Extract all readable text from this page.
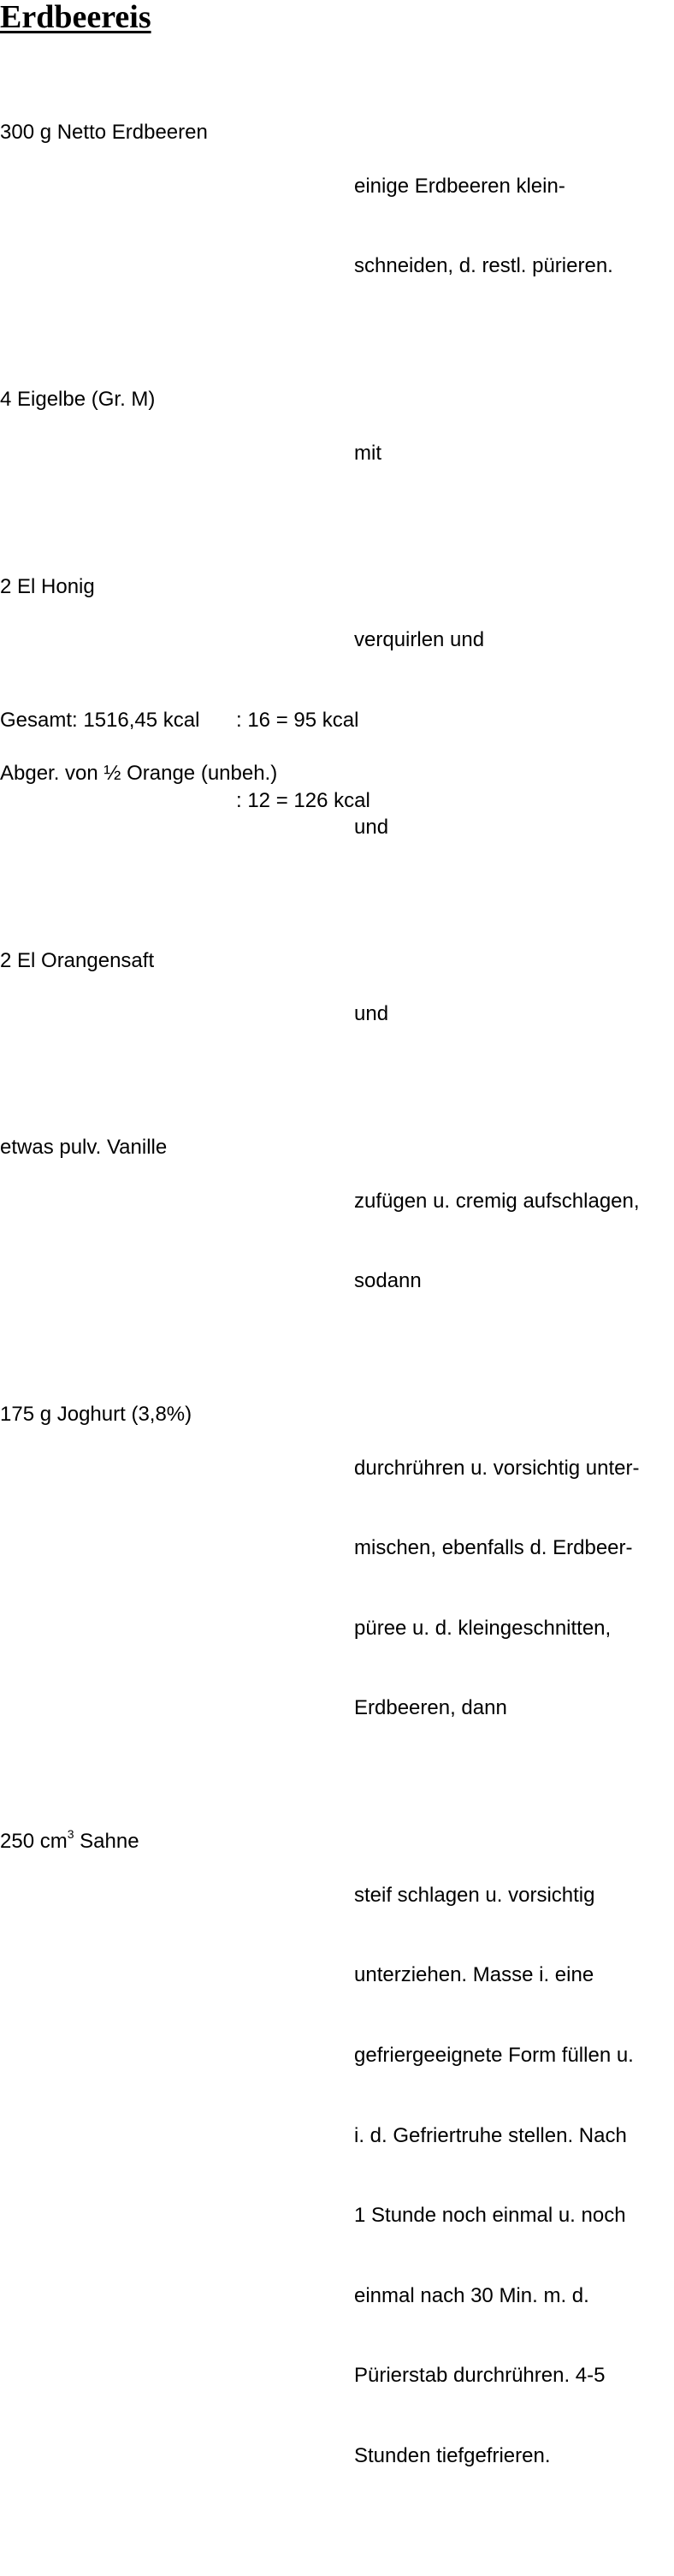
Erdbeereis

300 g Netto Erdbeeren

einige Erdbeeren klein-

schneiden, d. restl. pürieren.

4 Eigelbe (Gr. M)

mit

2 El Honig

verquirlen und

Abger. von ½ Orange (unbeh.)

und

2 El Orangensaft

und

etwas pulv. Vanille

zufügen u. cremig aufschlagen,

sodann

175 g Joghurt (3,8%)

durchrühren u. vorsichtig unter-

mischen, ebenfalls d. Erdbeer-

püree u. d. kleingeschnitten,

Erdbeeren, dann

250 $cm^3$ Sahne

steif schlagen u. vorsichtig

unterziehen. Masse i. eine

gefriergeeignete Form füllen u.

i. d. Gefriertruhe stellen. Nach

1 Stunde noch einmal u. noch

einmal nach 30 Min. m. d.

Pürierstab durchrühren. 4-5

Stunden tiefgefrieren.

Gesamt: 1516,45 kcal	: 16 = 95 kcal

: 12 = 126 kcal
